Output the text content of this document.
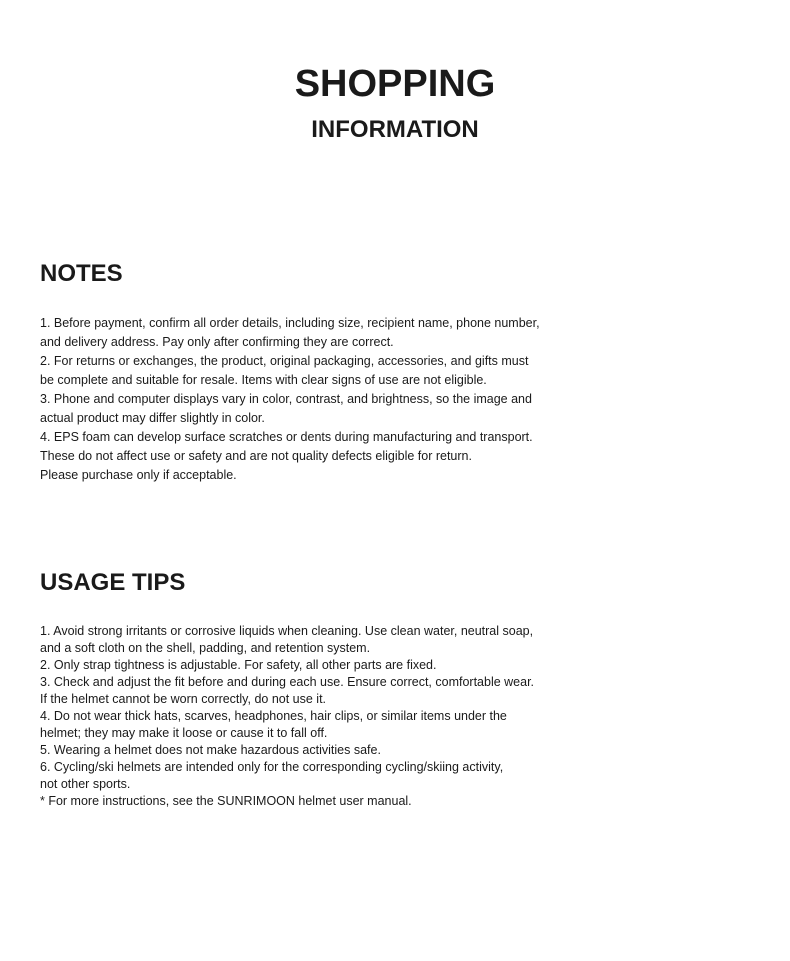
SHOPPING
INFORMATION
NOTES
1. Before payment, confirm all order details, including size, recipient name, phone number,
and delivery address. Pay only after confirming they are correct.
2. For returns or exchanges, the product, original packaging, accessories, and gifts must
be complete and suitable for resale. Items with clear signs of use are not eligible.
3. Phone and computer displays vary in color, contrast, and brightness, so the image and
actual product may differ slightly in color.
4. EPS foam can develop surface scratches or dents during manufacturing and transport.
These do not affect use or safety and are not quality defects eligible for return.
Please purchase only if acceptable.
USAGE TIPS
1. Avoid strong irritants or corrosive liquids when cleaning. Use clean water, neutral soap,
and a soft cloth on the shell, padding, and retention system.
2. Only strap tightness is adjustable. For safety, all other parts are fixed.
3. Check and adjust the fit before and during each use. Ensure correct, comfortable wear.
If the helmet cannot be worn correctly, do not use it.
4. Do not wear thick hats, scarves, headphones, hair clips, or similar items under the
helmet; they may make it loose or cause it to fall off.
5. Wearing a helmet does not make hazardous activities safe.
6. Cycling/ski helmets are intended only for the corresponding cycling/skiing activity,
not other sports.
* For more instructions, see the SUNRIMOON helmet user manual.
